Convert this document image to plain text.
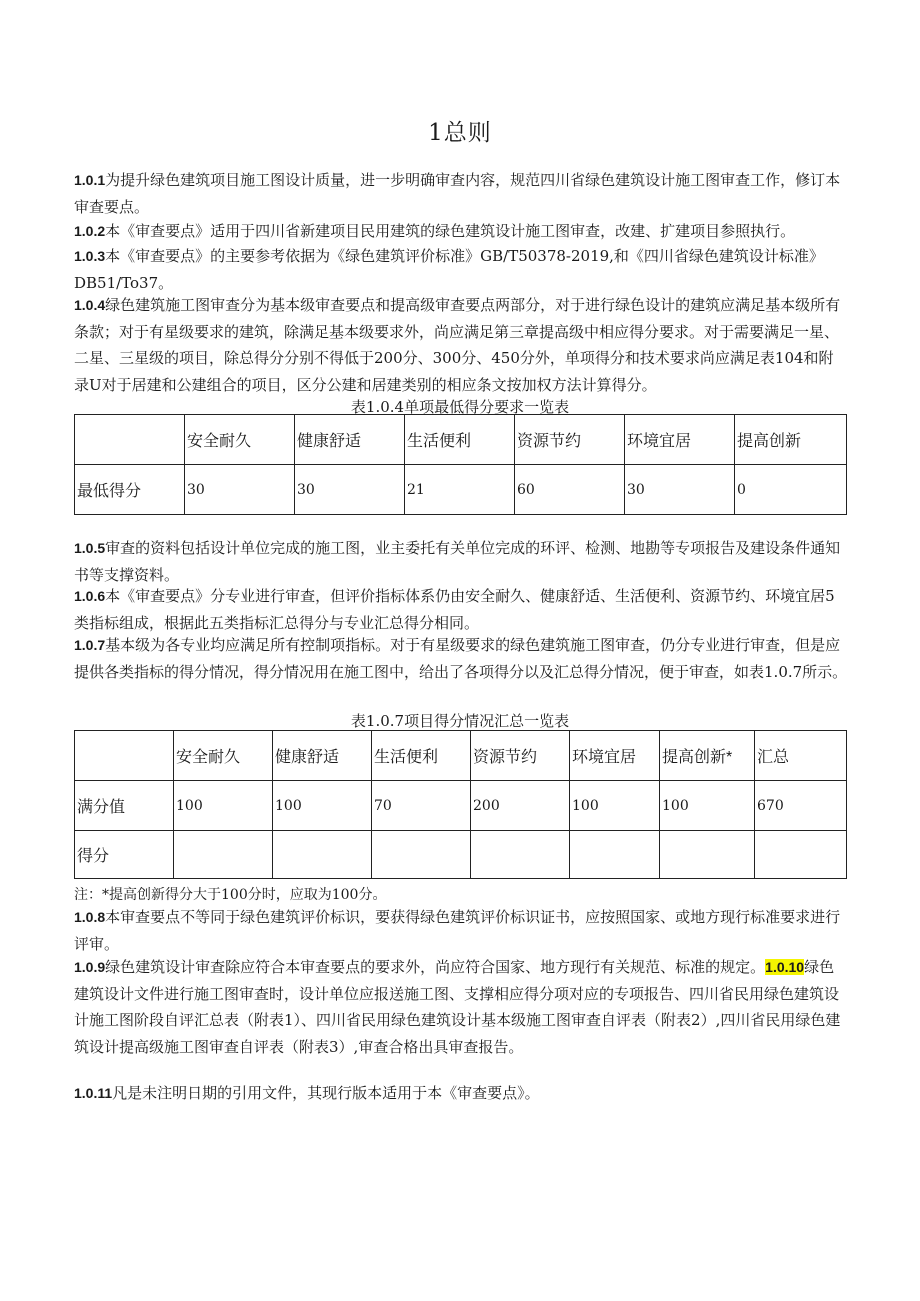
1总则
1.0.1为提升绿色建筑项目施工图设计质量，进一步明确审查内容，规范四川省绿色建筑设计施工图审查工作，修订本审查要点。
1.0.2本《审查要点》适用于四川省新建项目民用建筑的绿色建筑设计施工图审查，改建、扩建项目参照执行。
1.0.3本《审查要点》的主要参考依据为《绿色建筑评价标准》GB/T50378-2019,和《四川省绿色建筑设计标准》DB51/To37。
1.0.4绿色建筑施工图审查分为基本级审查要点和提高级审查要点两部分，对于进行绿色设计的建筑应满足基本级所有条款；对于有星级要求的建筑，除满足基本级要求外，尚应满足第三章提高级中相应得分要求。对于需要满足一星、二星、三星级的项目，除总得分分别不得低于200分、300分、450分外，单项得分和技术要求尚应满足表104和附录U对于居建和公建组合的项目，区分公建和居建类别的相应条文按加权方法计算得分。
表1.0.4单项最低得分要求一览表
	安全耐久	健康舒适	生活便利	资源节约	环境宜居	提高创新
最低得分	30	30	21	60	30	0
1.0.5审查的资料包括设计单位完成的施工图，业主委托有关单位完成的环评、检测、地勘等专项报告及建设条件通知书等支撑资料。
1.0.6本《审查要点》分专业进行审查，但评价指标体系仍由安全耐久、健康舒适、生活便利、资源节约、环境宜居5类指标组成，根据此五类指标汇总得分与专业汇总得分相同。
1.0.7基本级为各专业均应满足所有控制项指标。对于有星级要求的绿色建筑施工图审查，仍分专业进行审查，但是应提供各类指标的得分情况，得分情况用在施工图中，给出了各项得分以及汇总得分情况，便于审查，如表1.0.7所示。
表1.0.7项目得分情况汇总一览表
	安全耐久	健康舒适	生活便利	资源节约	环境宜居	提高创新*	汇总
满分值	100	100	70	200	100	100	670
得分							
注：*提高创新得分大于100分时，应取为100分。
1.0.8本审查要点不等同于绿色建筑评价标识，要获得绿色建筑评价标识证书，应按照国家、或地方现行标准要求进行评审。
1.0.9绿色建筑设计审查除应符合本审查要点的要求外，尚应符合国家、地方现行有关规范、标准的规定。1.0.10绿色建筑设计文件进行施工图审查时，设计单位应报送施工图、支撑相应得分项对应的专项报告、四川省民用绿色建筑设计施工图阶段自评汇总表（附表1）、四川省民用绿色建筑设计基本级施工图审查自评表（附表2）,四川省民用绿色建筑设计提高级施工图审查自评表（附表3）,审查合格出具审查报告。
1.0.11凡是未注明日期的引用文件，其现行版本适用于本《审查要点》。
